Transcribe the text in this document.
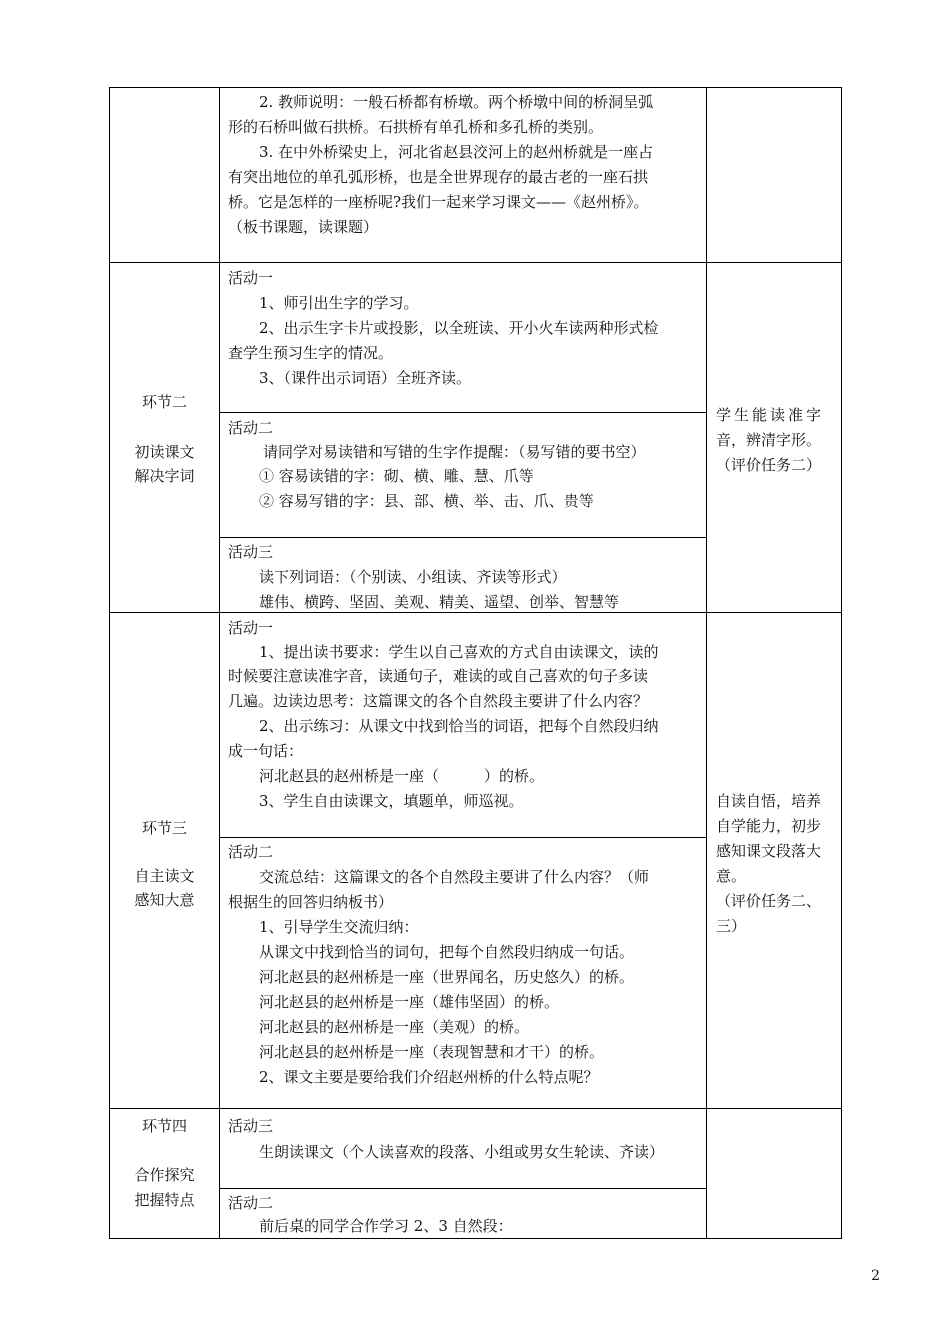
2. 教师说明：一般石桥都有桥墩。两个桥墩中间的桥洞呈弧
形的石桥叫做石拱桥。石拱桥有单孔桥和多孔桥的类别。
3. 在中外桥梁史上，河北省赵县洨河上的赵州桥就是一座占
有突出地位的单孔弧形桥，也是全世界现存的最古老的一座石拱
桥。它是怎样的一座桥呢?我们一起来学习课文——《赵州桥》。
（板书课题，读课题）
环节二
初读课文
解决字词
活动一
1、师引出生字的学习。
2、出示生字卡片或投影，以全班读、开小火车读两种形式检
查学生预习生字的情况。
3、（课件出示词语）全班齐读。
活动二
请同学对易读错和写错的生字作提醒：（易写错的要书空）
① 容易读错的字：砌、横、雕、慧、爪等
② 容易写错的字：县、部、横、举、击、爪、贵等
活动三
读下列词语：（个别读、小组读、齐读等形式）
雄伟、横跨、坚固、美观、精美、遥望、创举、智慧等
学生能读准字
音，辨清字形。
（评价任务二）
环节三
自主读文
感知大意
活动一
1、提出读书要求：学生以自己喜欢的方式自由读课文，读的
时候要注意读准字音，读通句子，难读的或自己喜欢的句子多读
几遍。边读边思考：这篇课文的各个自然段主要讲了什么内容？
2、出示练习：从课文中找到恰当的词语，把每个自然段归纳
成一句话：
河北赵县的赵州桥是一座（　　　）的桥。
3、学生自由读课文，填题单，师巡视。
活动二
交流总结：这篇课文的各个自然段主要讲了什么内容？（师
根据生的回答归纳板书）
1、引导学生交流归纳：
从课文中找到恰当的词句，把每个自然段归纳成一句话。
河北赵县的赵州桥是一座（世界闻名，历史悠久）的桥。
河北赵县的赵州桥是一座（雄伟坚固）的桥。
河北赵县的赵州桥是一座（美观）的桥。
河北赵县的赵州桥是一座（表现智慧和才干）的桥。
2、课文主要是要给我们介绍赵州桥的什么特点呢？
自读自悟，培养
自学能力，初步
感知课文段落大
意。
（评价任务二、
三）
环节四
合作探究
把握特点
活动三
生朗读课文（个人读喜欢的段落、小组或男女生轮读、齐读）
活动二
前后桌的同学合作学习 2、3 自然段：
2
